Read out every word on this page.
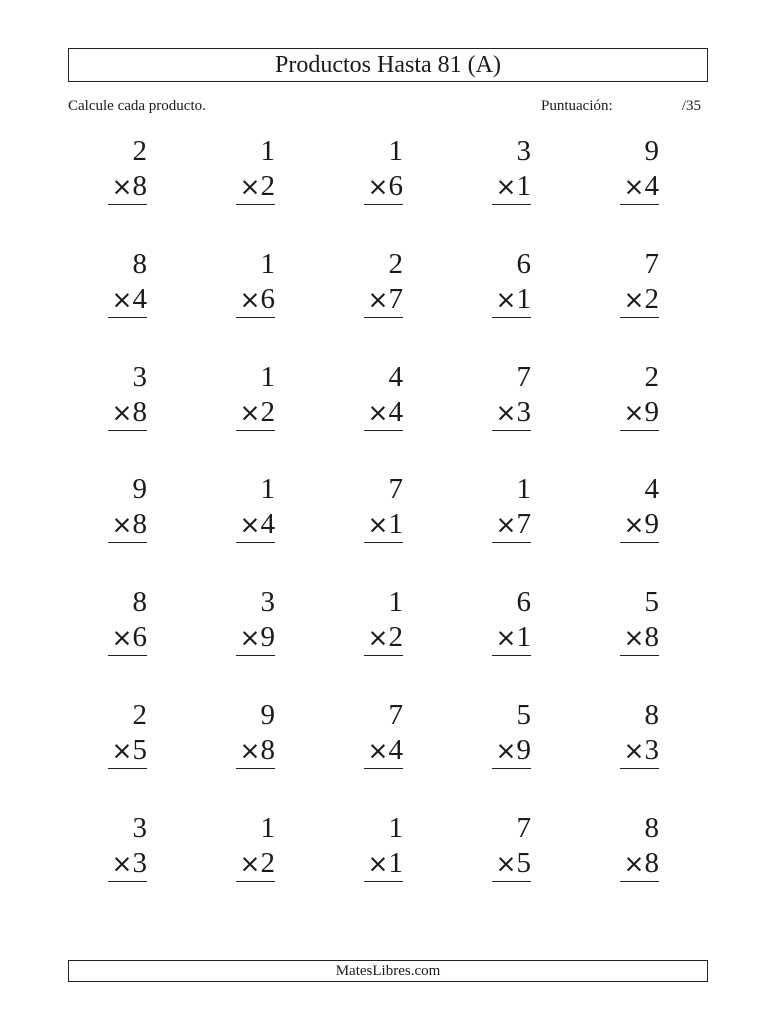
Productos Hasta 81 (A)
Calcule cada producto.	Puntuación:	/35
2
×8
1
×2
1
×6
3
×1
9
×4
8
×4
1
×6
2
×7
6
×1
7
×2
3
×8
1
×2
4
×4
7
×3
2
×9
9
×8
1
×4
7
×1
1
×7
4
×9
8
×6
3
×9
1
×2
6
×1
5
×8
2
×5
9
×8
7
×4
5
×9
8
×3
3
×3
1
×2
1
×1
7
×5
8
×8
MatesLibres.com
